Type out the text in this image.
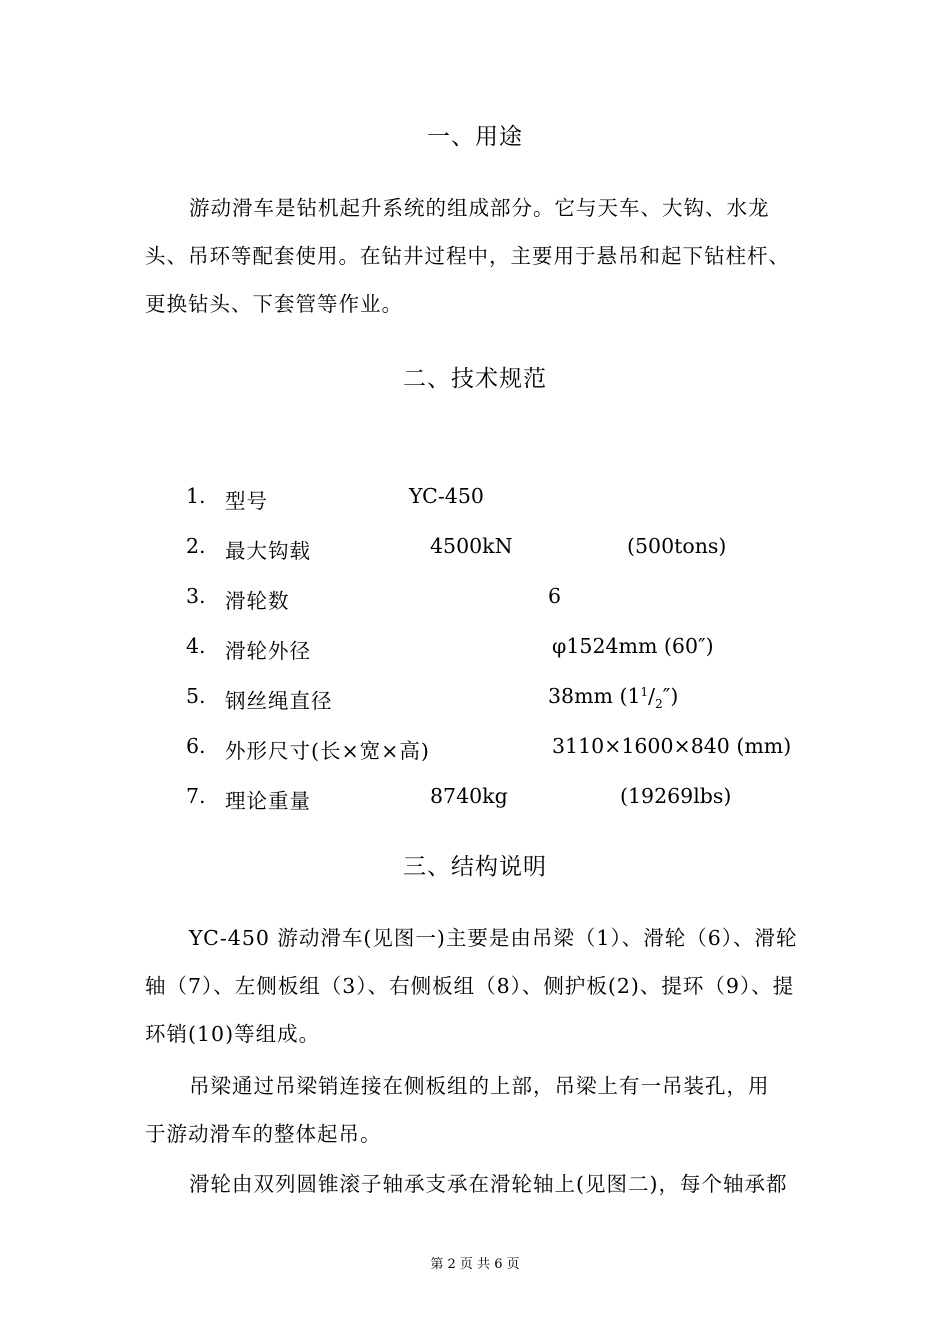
一、用途
游动滑车是钻机起升系统的组成部分。它与天车、大钩、水龙
头、吊环等配套使用。在钻井过程中，主要用于悬吊和起下钻柱杆、
更换钻头、下套管等作业。
二、技术规范
1. 型号	YC-450
2. 最大钩载	4500kN	(500tons)
3. 滑轮数	6
4. 滑轮外径	φ1524mm (60″)
5. 钢丝绳直径	38mm $(1^1/_2'')$
6. 外形尺寸(长×宽×高)	3110×1600×840 (mm)
7. 理论重量	8740kg	(19269lbs)
三、结构说明
YC-450 游动滑车(见图一)主要是由吊梁（1）、滑轮（6）、滑轮
轴（7）、左侧板组（3）、右侧板组（8）、侧护板(2)、提环（9）、提
环销(10)等组成。
吊梁通过吊梁销连接在侧板组的上部，吊梁上有一吊装孔，用
于游动滑车的整体起吊。
滑轮由双列圆锥滚子轴承支承在滑轮轴上(见图二)，每个轴承都
第 2 页 共 6 页
